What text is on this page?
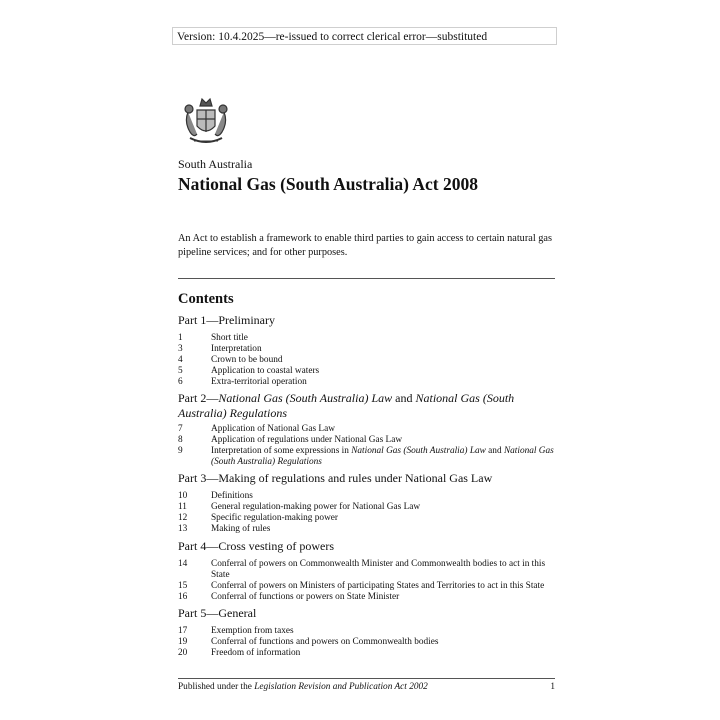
Version: 10.4.2025—re-issued to correct clerical error—substituted
South Australia
National Gas (South Australia) Act 2008
An Act to establish a framework to enable third parties to gain access to certain natural gas pipeline services; and for other purposes.
Contents
Part 1—Preliminary
1	Short title
3	Interpretation
4	Crown to be bound
5	Application to coastal waters
6	Extra-territorial operation
Part 2—National Gas (South Australia) Law and National Gas (South Australia) Regulations
7	Application of National Gas Law
8	Application of regulations under National Gas Law
9	Interpretation of some expressions in National Gas (South Australia) Law and National Gas (South Australia) Regulations
Part 3—Making of regulations and rules under National Gas Law
10	Definitions
11	General regulation-making power for National Gas Law
12	Specific regulation-making power
13	Making of rules
Part 4—Cross vesting of powers
14	Conferral of powers on Commonwealth Minister and Commonwealth bodies to act in this State
15	Conferral of powers on Ministers of participating States and Territories to act in this State
16	Conferral of functions or powers on State Minister
Part 5—General
17	Exemption from taxes
19	Conferral of functions and powers on Commonwealth bodies
20	Freedom of information
Published under the Legislation Revision and Publication Act 2002	1
